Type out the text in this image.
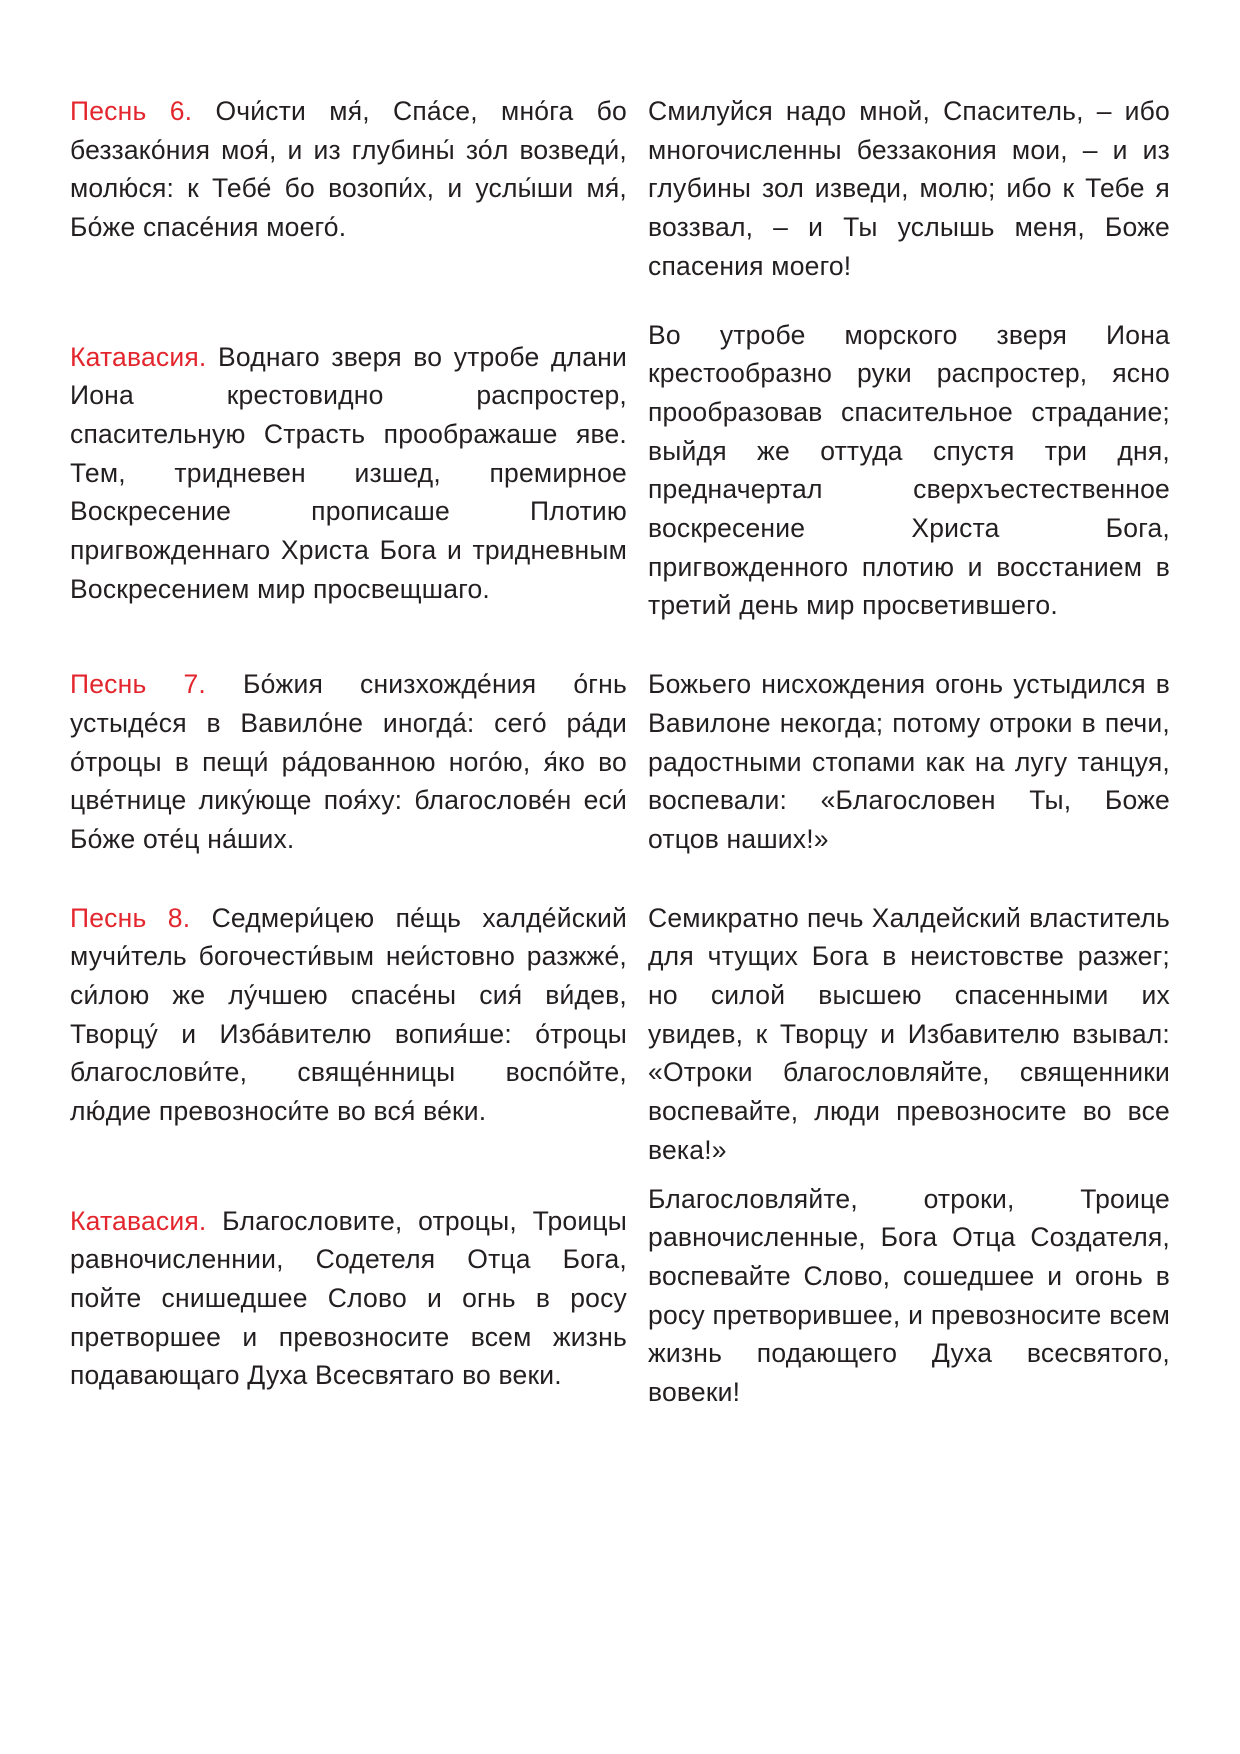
Песнь 6. Очи́сти мя́, Спа́се, мно́га бо беззако́ния моя́, и из глубины́ зо́л возведи́, молю́ся: к Тебе́ бо возопи́х, и услы́ши мя́, Бо́же спасе́ния моего́.

Смилуйся надо мной, Спаситель, – ибо многочисленны беззакония мои, – и из глубины зол изведи, молю; ибо к Тебе я воззвал, – и Ты услышь меня, Боже спасения моего!

Катавасия. Воднаго зверя во утробе длани Иона крестовидно распростер, спасительную Страсть прообpажаше яве. Тем, тридневен изшед, премирное Воскресение прописаше Плотию пригвожденнаго Христа Бога и тридневным Воскресением мир просвещшаго.

Во утробе морского зверя Иона крестообразно руки распростер, ясно прообразовав спасительное страдание; выйдя же оттуда спустя три дня, предначертал сверхъестественное воскресение Христа Бога, пригвожденного плотию и восстанием в третий день мир просветившего.

Песнь 7. Бо́жия снизхожде́ния о́гнь устыде́ся в Вавило́не иногда́: сего́ ра́ди о́троцы в пещи́ ра́дованною ного́ю, я́ко во цве́тнице лику́юще поя́ху: благослове́н еси́ Бо́же оте́ц на́ших.

Божьего нисхождения огонь устыдился в Вавилоне некогда; потому отроки в печи, радостными стопами как на лугу танцуя, воспевали: «Благословен Ты, Боже отцов наших!»

Песнь 8. Седмери́цею пе́щь халде́йский мучи́тель богочести́вым неи́стовно разжже́, си́лою же лу́чшею спасе́ны сия́ ви́дев, Творцу́ и Изба́вителю вопия́ше: о́троцы благослови́те, свяще́нницы воспо́йте, лю́дие превозноси́те во вся́ ве́ки.

Семикратно печь Халдейский властитель для чтущих Бога в неистовстве разжег; но силой высшею спасенными их увидев, к Творцу и Избавителю взывал: «Отроки благословляйте, священники воспевайте, люди превозносите во все века!»

Катавасия. Благословите, отроцы, Троицы равночисленнии, Содетеля Отца Бога, пойте снишедшее Слово и огнь в росу претворшее и превозносите всем жизнь подавающаго Духа Всесвятаго во веки.

Благословляйте, отроки, Троице равночисленные, Бога Отца Создателя, воспевайте Слово, сошедшее и огонь в росу претворившее, и превозносите всем жизнь подающего Духа всесвятого, вовеки!
